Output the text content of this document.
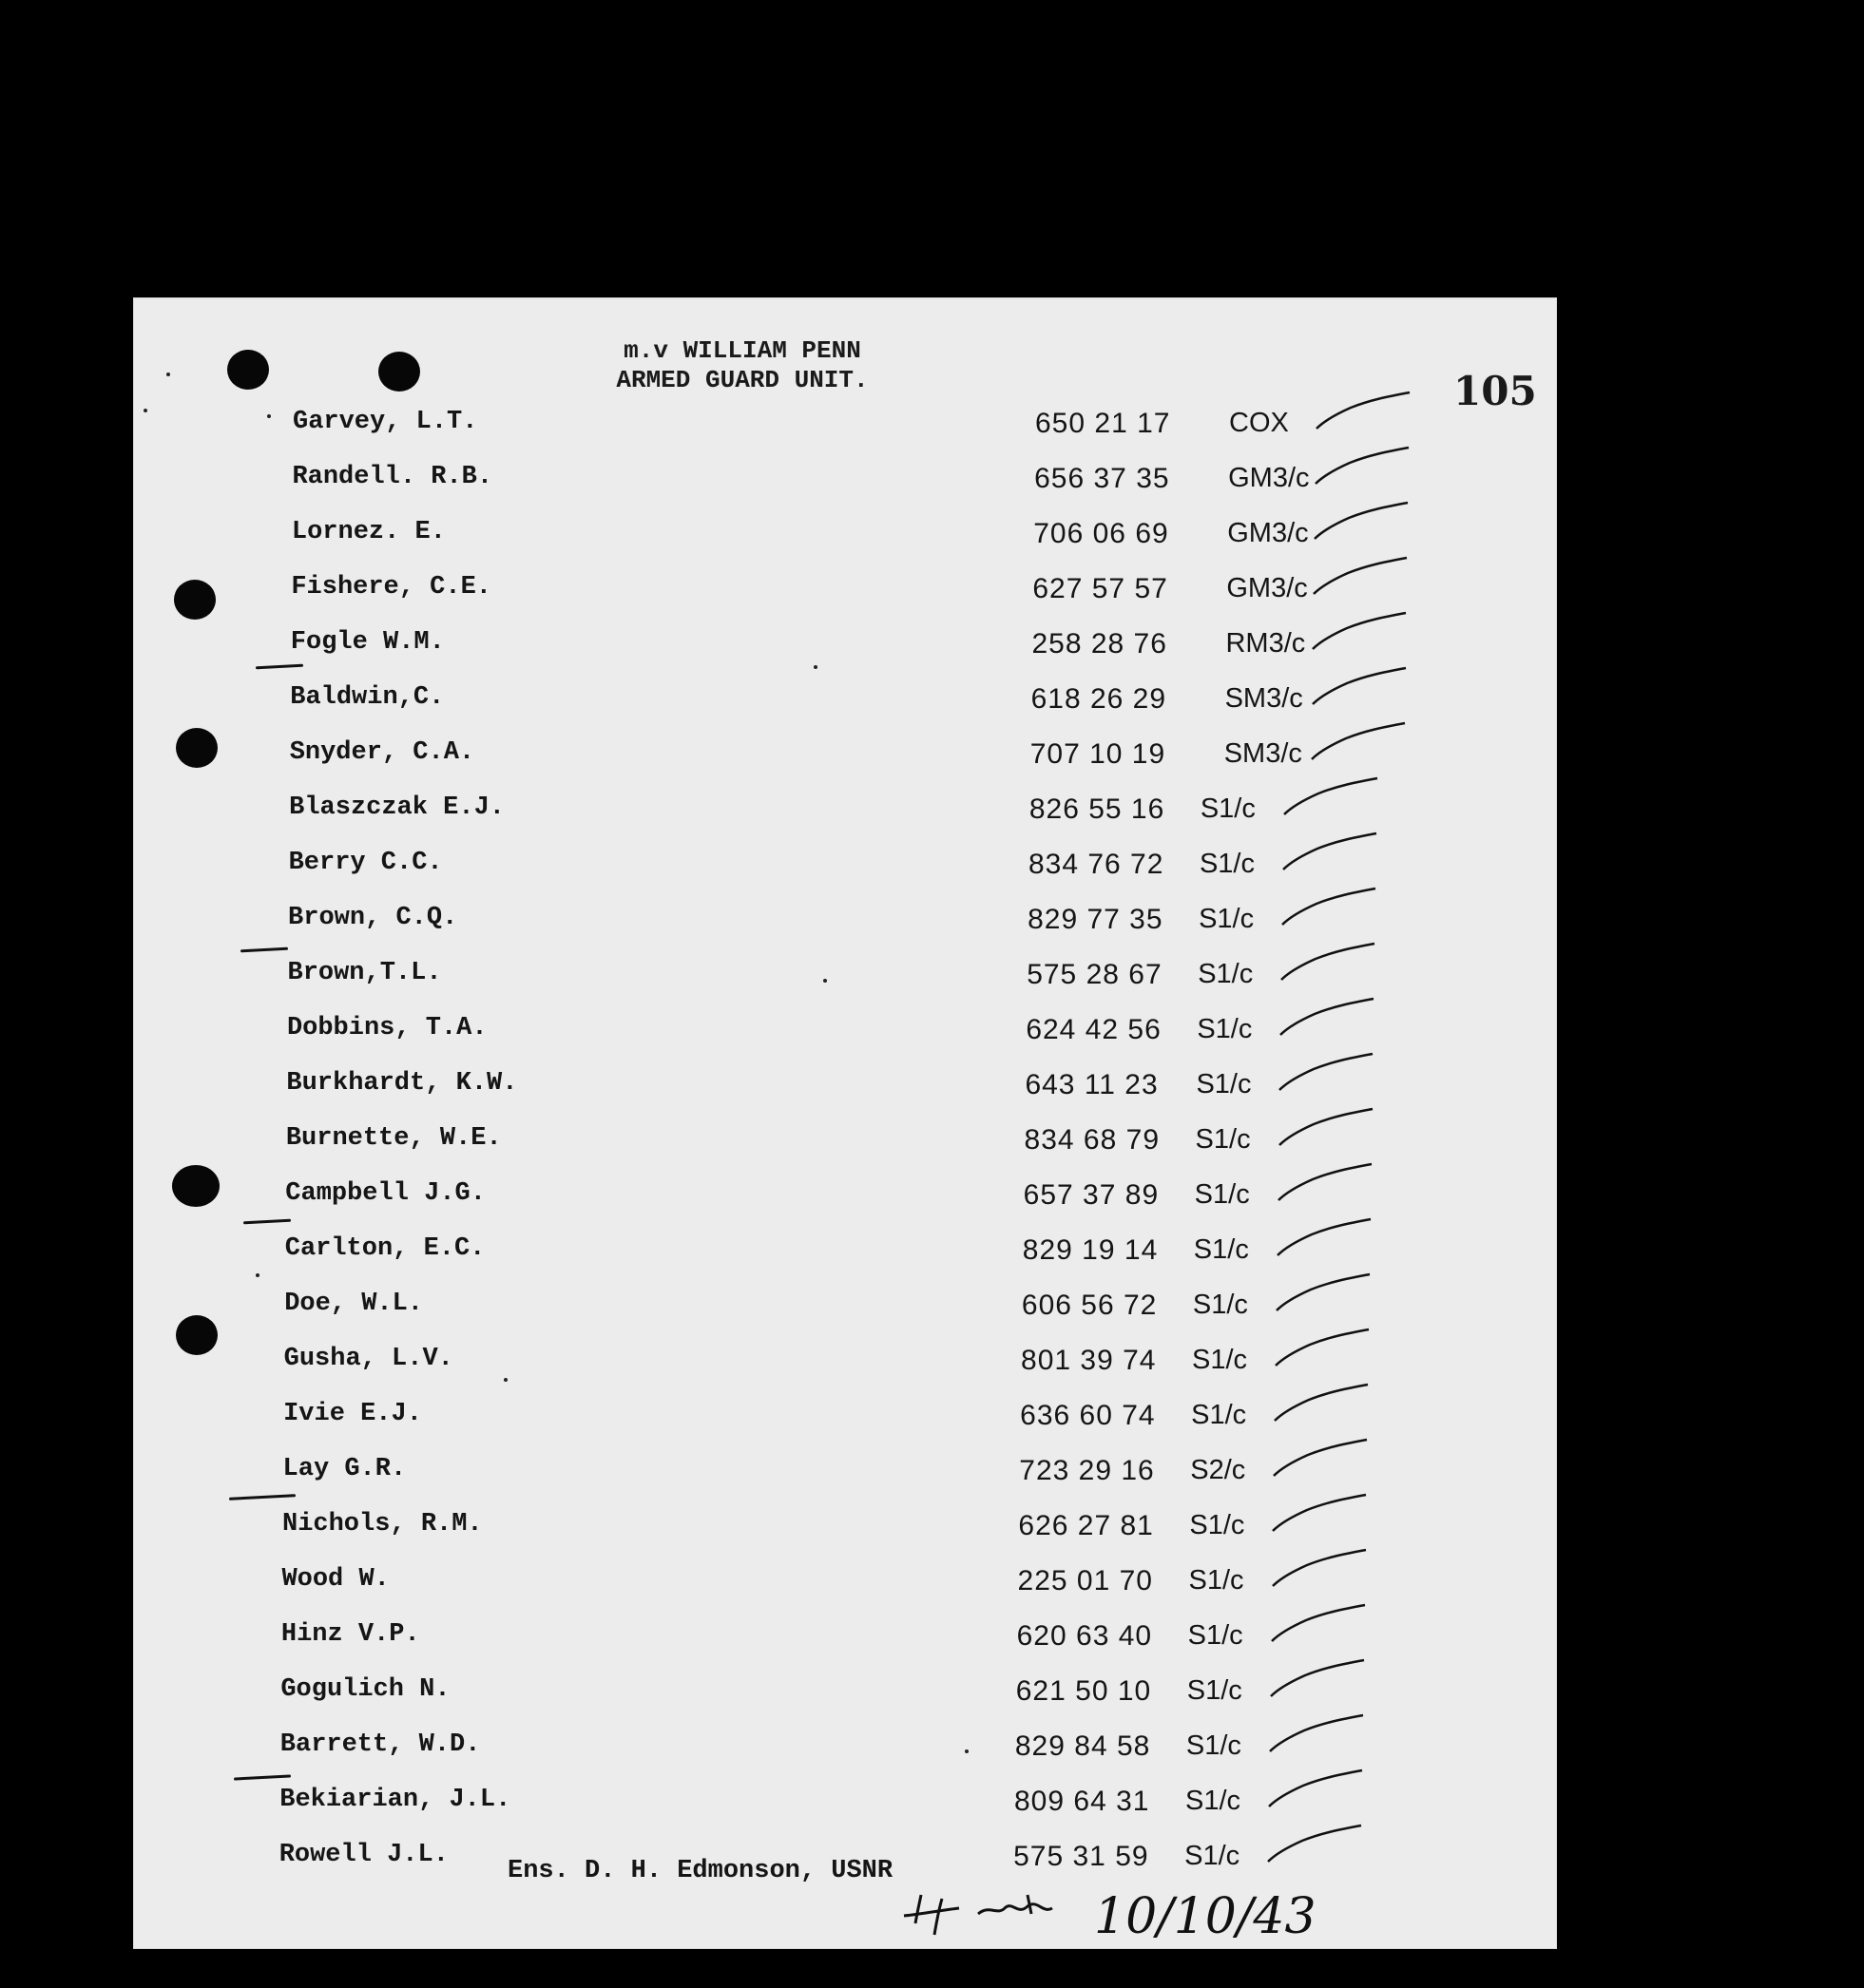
m.v WILLIAM PENN
ARMED GUARD UNIT.	105
Garvey, L.T.	650 21 17 COX
Randell. R.B.	656 37 35 GM3/c
Lornez. E.	706 06 69 GM3/c
Fishere, C.E.	627 57 57 GM3/c
Fogle W.M.	258 28 76 RM3/c
Baldwin,C.	618 26 29 SM3/c
Snyder, C.A.	707 10 19 SM3/c
Blaszczak E.J.	826 55 16 S1/c
Berry C.C.	834 76 72 S1/c
Brown, C.Q.	829 77 35 S1/c
Brown,T.L.	575 28 67 S1/c
Dobbins, T.A.	624 42 56 S1/c
Burkhardt, K.W.	643 11 23 S1/c
Burnette, W.E.	834 68 79 S1/c
Campbell J.G.	657 37 89 S1/c
Carlton, E.C.	829 19 14 S1/c
Doe, W.L.	606 56 72 S1/c
Gusha, L.V.	801 39 74 S1/c
Ivie E.J.	636 60 74 S1/c
Lay G.R.	723 29 16 S2/c
Nichols, R.M.	626 27 81 S1/c
Wood W.	225 01 70 S1/c
Hinz V.P.	620 63 40 S1/c
Gogulich N.	621 50 10 S1/c
Barrett, W.D.	829 84 58 S1/c
Bekiarian, J.L.	809 64 31 S1/c
Rowell J.L.	575 31 59 S1/c
Ens. D. H. Edmonson, USNR
10/10/43
